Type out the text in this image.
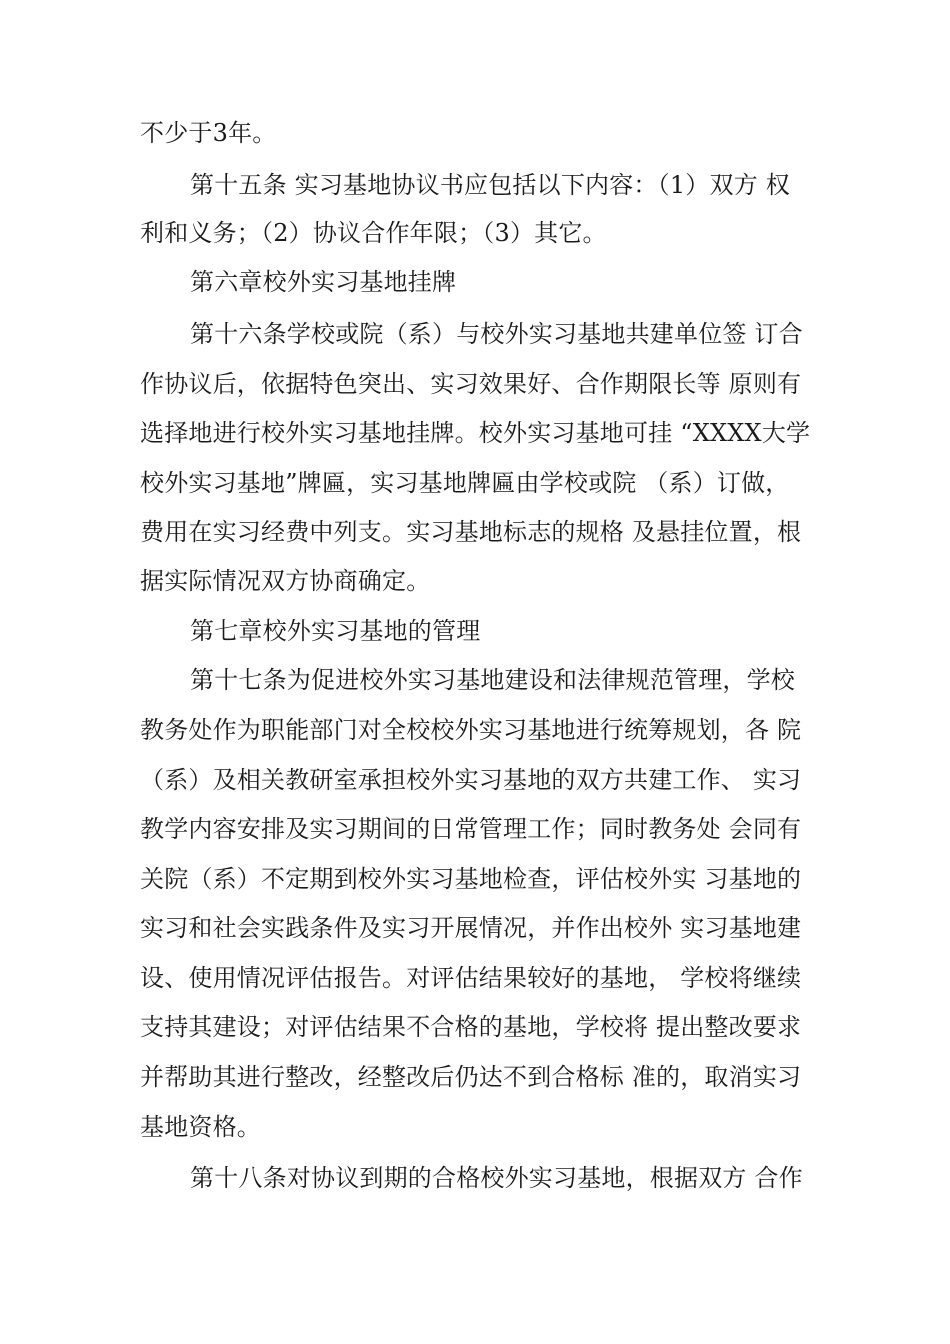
不少于3年。
第十五条 实习基地协议书应包括以下内容：（1）双方 权
利和义务；（2）协议合作年限；（3）其它。
第六章校外实习基地挂牌
第十六条学校或院（系）与校外实习基地共建单位签 订合
作协议后，依据特色突出、实习效果好、合作期限长等 原则有
选择地进行校外实习基地挂牌。校外实习基地可挂 “XXXX大学
校外实习基地”牌匾，实习基地牌匾由学校或院 （系）订做，
费用在实习经费中列支。实习基地标志的规格 及悬挂位置，根
据实际情况双方协商确定。
第七章校外实习基地的管理
第十七条为促进校外实习基地建设和法律规范管理，学校
教务处作为职能部门对全校校外实习基地进行统筹规划，各 院
（系）及相关教研室承担校外实习基地的双方共建工作、 实习
教学内容安排及实习期间的日常管理工作；同时教务处 会同有
关院（系）不定期到校外实习基地检查，评估校外实 习基地的
实习和社会实践条件及实习开展情况，并作出校外 实习基地建
设、使用情况评估报告。对评估结果较好的基地， 学校将继续
支持其建设；对评估结果不合格的基地，学校将 提出整改要求
并帮助其进行整改，经整改后仍达不到合格标 准的，取消实习
基地资格。
第十八条对协议到期的合格校外实习基地，根据双方 合作
